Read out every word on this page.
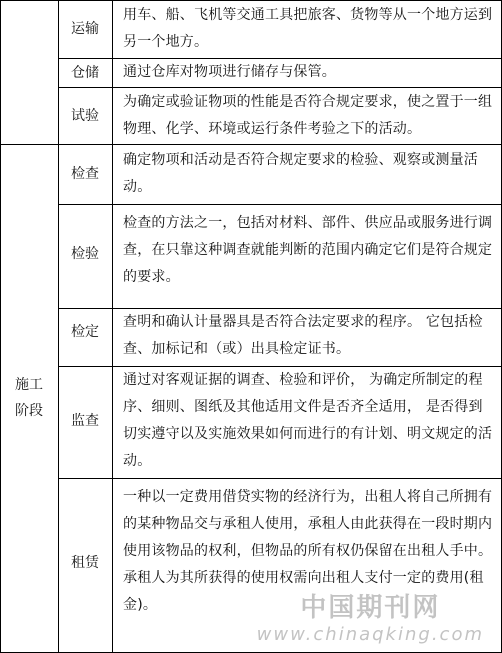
施工
阶段
运输
用车、船、飞机等交通工具把旅客、货物等从一个地方运到另一个地方。
仓储	通过仓库对物项进行储存与保管。
试验
为确定或验证物项的性能是否符合规定要求，使之置于一组物理、化学、环境或运行条件考验之下的活动。
检查
确定物项和活动是否符合规定要求的检验、观察或测量活动。
检验
检查的方法之一，包括对材料、部件、供应品或服务进行调查，在只靠这种调查就能判断的范围内确定它们是符合规定的要求。
检定
查明和确认计量器具是否符合法定要求的程序。 它包括检查、加标记和（或）出具检定证书。
监查
通过对客观证据的调查、检验和评价， 为确定所制定的程序、细则、图纸及其他适用文件是否齐全适用， 是否得到切实遵守以及实施效果如何而进行的有计划、明文规定的活动。
租赁
一种以一定费用借贷实物的经济行为，出租人将自己所拥有的某种物品交与承租人使用，承租人由此获得在一段时期内使用该物品的权利，但物品的所有权仍保留在出租人手中。承租人为其所获得的使用权需向出租人支付一定的费用(租金)。	中国期刊网
www.chinaqking.com
